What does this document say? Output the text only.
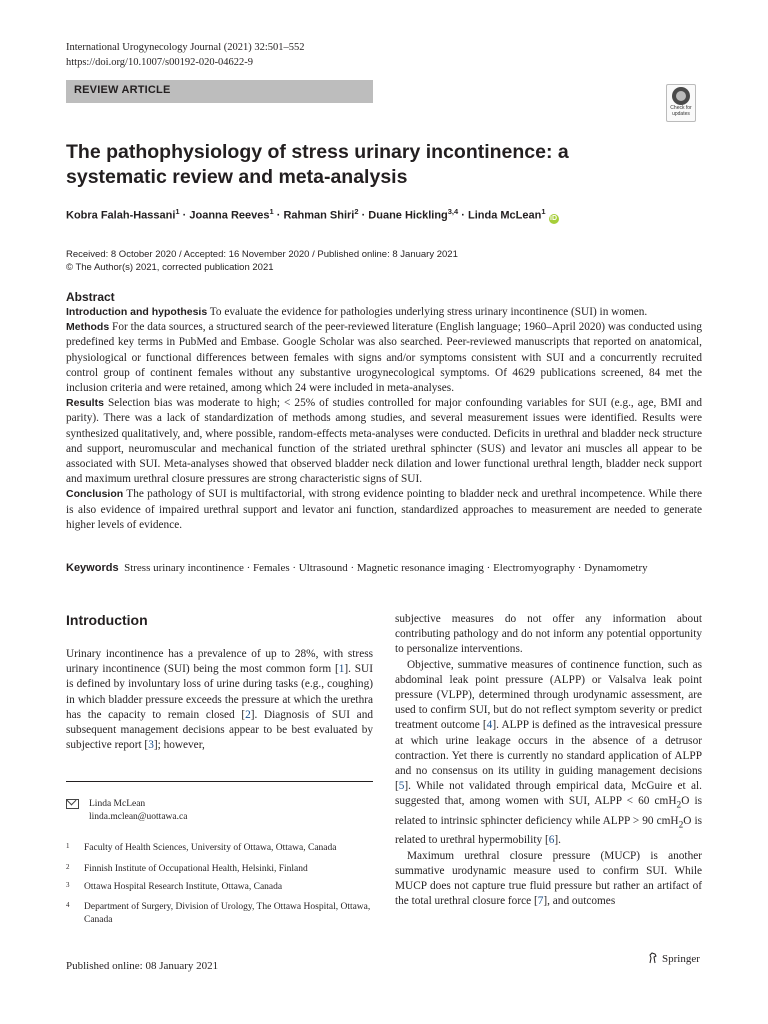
International Urogynecology Journal (2021) 32:501–552
https://doi.org/10.1007/s00192-020-04622-9
REVIEW ARTICLE
Check for updates
The pathophysiology of stress urinary incontinence: a systematic review and meta-analysis
Kobra Falah-Hassani$^1$ · Joanna Reeves$^1$ · Rahman Shiri$^2$ · Duane Hickling$^{3,4}$ · Linda McLean$^1$iD
Received: 8 October 2020 / Accepted: 16 November 2020 / Published online: 8 January 2021
© The Author(s) 2021, corrected publication 2021
Abstract
Introduction and hypothesis To evaluate the evidence for pathologies underlying stress urinary incontinence (SUI) in women.
Methods For the data sources, a structured search of the peer-reviewed literature (English language; 1960–April 2020) was conducted using predefined key terms in PubMed and Embase. Google Scholar was also searched. Peer-reviewed manuscripts that reported on anatomical, physiological or functional differences between females with signs and/or symptoms consistent with SUI and a concurrently recruited control group of continent females without any substantive urogynecological symptoms. Of 4629 publications screened, 84 met the inclusion criteria and were retained, among which 24 were included in meta-analyses.
Results Selection bias was moderate to high; < 25% of studies controlled for major confounding variables for SUI (e.g., age, BMI and parity). There was a lack of standardization of methods among studies, and several measurement issues were identified. Results were synthesized qualitatively, and, where possible, random-effects meta-analyses were conducted. Deficits in urethral and bladder neck structure and support, neuromuscular and mechanical function of the striated urethral sphincter (SUS) and levator ani muscles all appear to be associated with SUI. Meta-analyses showed that observed bladder neck dilation and lower functional urethral length, bladder neck support and maximum urethral closure pressures are strong characteristic signs of SUI.
Conclusion The pathology of SUI is multifactorial, with strong evidence pointing to bladder neck and urethral incompetence. While there is also evidence of impaired urethral support and levator ani function, standardized approaches to measurement are needed to generate higher levels of evidence.
Keywords Stress urinary incontinence · Females · Ultrasound · Magnetic resonance imaging · Electromyography · Dynamometry
Introduction

Urinary incontinence has a prevalence of up to 28%, with stress urinary incontinence (SUI) being the most common form [1]. SUI is defined by involuntary loss of urine during tasks (e.g., coughing) in which bladder pressure exceeds the pressure at which the urethra has the capacity to remain closed [2]. Diagnosis of SUI and subsequent management decisions appear to be best evaluated by subjective report [3]; however,

subjective measures do not offer any information about contributing pathology and do not inform any potential opportunity to personalize interventions.

Objective, summative measures of continence function, such as abdominal leak point pressure (ALPP) or Valsalva leak point pressure (VLPP), determined through urodynamic assessment, are used to confirm SUI, but do not reflect symptom severity or predict treatment outcome [4]. ALPP is defined as the intravesical pressure at which urine leakage occurs in the absence of a detrusor contraction. Yet there is currently no standard application of ALPP and no consensus on its utility in guiding management decisions [5]. While not validated through empirical data, McGuire et al. suggested that, among women with SUI, ALPP < 60 cmH$_2$O is related to intrinsic sphincter deficiency while ALPP > 90 cmH$_2$O is related to urethral hypermobility [6].

Maximum urethral closure pressure (MUCP) is another summative urodynamic measure used to confirm SUI. While MUCP does not capture true fluid pressure but rather an artifact of the total urethral closure force [7], and outcomes

Linda McLean
linda.mclean@uottawa.ca
1 Faculty of Health Sciences, University of Ottawa, Ottawa, Canada
2 Finnish Institute of Occupational Health, Helsinki, Finland
3 Ottawa Hospital Research Institute, Ottawa, Canada
4 Department of Surgery, Division of Urology, The Ottawa Hospital, Ottawa, Canada
Published online: 08 January 2021
Springer
